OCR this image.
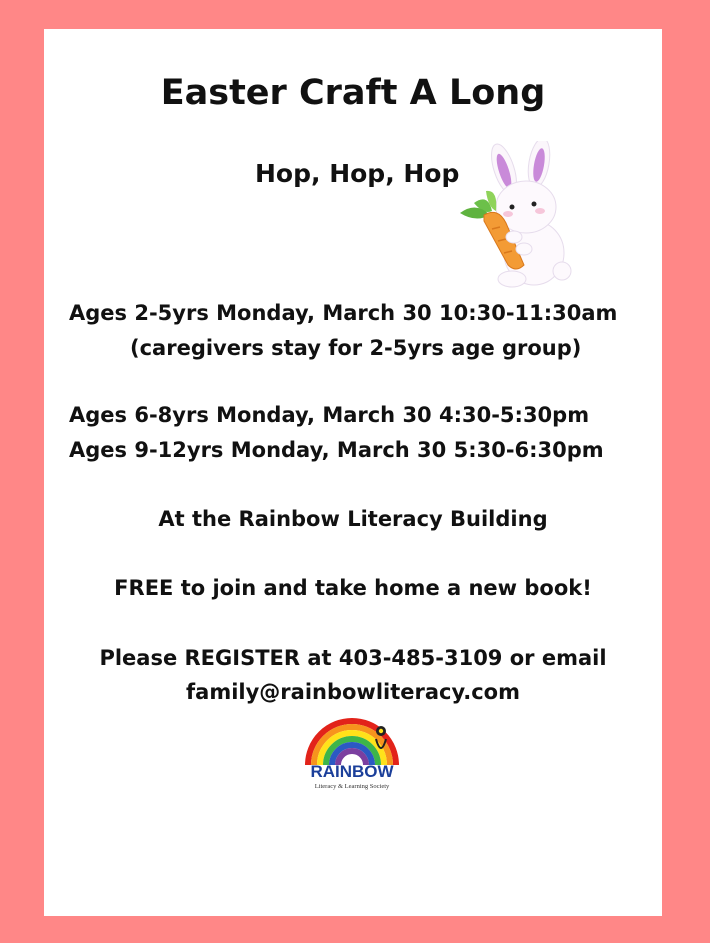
Easter Craft A Long
Hop, Hop, Hop
Ages 2-5yrs Monday, March 30 10:30-11:30am
(caregivers stay for 2-5yrs age group)
Ages 6-8yrs Monday, March 30 4:30-5:30pm
Ages 9-12yrs Monday, March 30 5:30-6:30pm
At the Rainbow Literacy Building
FREE to join and take home a new book!
Please REGISTER at 403-485-3109 or email
family@rainbowliteracy.com
RAINBOW
Literacy & Learning Society
